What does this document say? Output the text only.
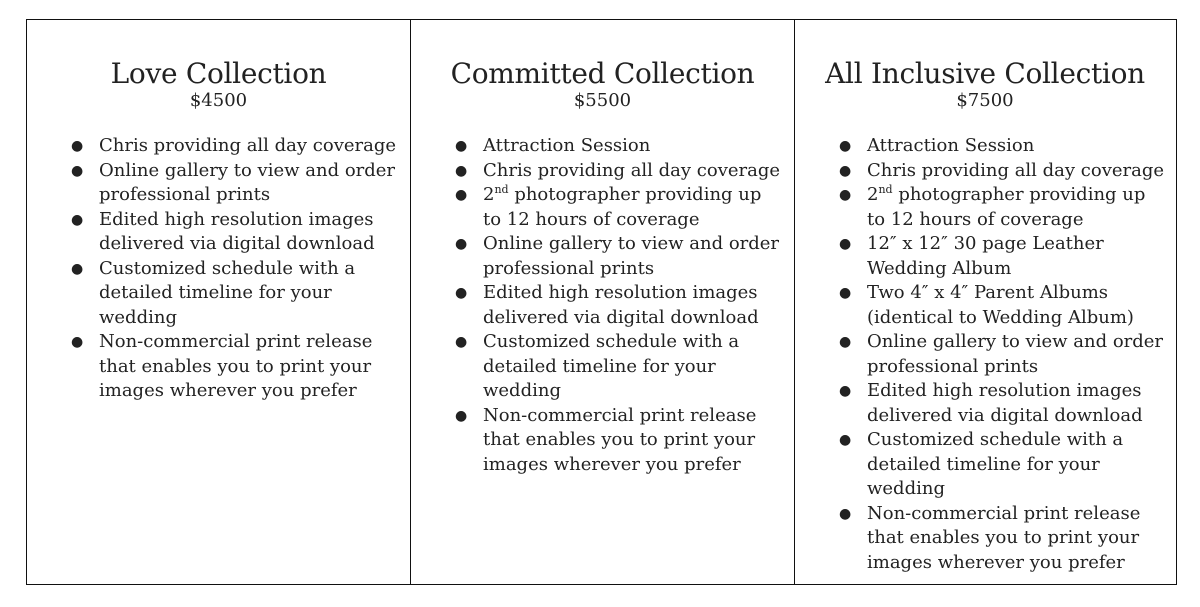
Love Collection
$4500
● Chris providing all day coverage
● Online gallery to view and order
professional prints
● Edited high resolution images
delivered via digital download
● Customized schedule with a
detailed timeline for your
wedding
● Non-commercial print release
that enables you to print your
images wherever you prefer
Committed Collection
$5500
● Attraction Session
● Chris providing all day coverage
● 2nd photographer providing up
to 12 hours of coverage
● Online gallery to view and order
professional prints
● Edited high resolution images
delivered via digital download
● Customized schedule with a
detailed timeline for your
wedding
● Non-commercial print release
that enables you to print your
images wherever you prefer
All Inclusive Collection
$7500
● Attraction Session
● Chris providing all day coverage
● 2nd photographer providing up
to 12 hours of coverage
● 12″ x 12″ 30 page Leather
Wedding Album
● Two 4″ x 4″ Parent Albums
(identical to Wedding Album)
● Online gallery to view and order
professional prints
● Edited high resolution images
delivered via digital download
● Customized schedule with a
detailed timeline for your
wedding
● Non-commercial print release
that enables you to print your
images wherever you prefer
